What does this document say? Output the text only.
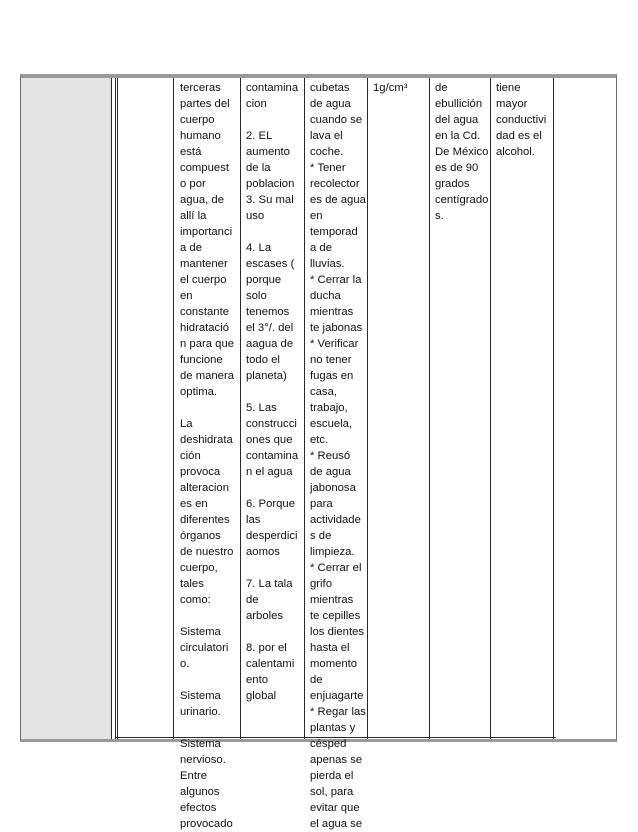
terceras
partes del
cuerpo
humano
está
compuest
o por
agua, de
allí la
importanci
a de
mantener
el cuerpo
en
constante
hidratació
n para que
funcione
de manera
optima.

La
deshidrata
ción
provoca
alteracion
es en
diferentes
órganos
de nuestro
cuerpo,
tales
como:

Sistema
circulatori
o.

Sistema
urinario.

Sistema
nervioso.
Entre
algunos
efectos
provocado
contamina
cion

2. EL
aumento
de la
poblacion
3. Su mal
uso

4. La
escases (
porque
solo
tenemos
el 3°/. del
aagua de
todo el
planeta)

5. Las
construcci
ones que
contamina
n el agua

6. Porque
las
desperdici
aomos

7. La tala
de
arboles

8. por el
calentami
ento
global
cubetas
de agua
cuando se
lava el
coche.
* Tener
recolector
es de agua
en
temporad
a de
lluvias.
* Cerrar la
ducha
mientras
te jabonas
* Verificar
no tener
fugas en
casa,
trabajo,
escuela,
etc.
* Reusó
de agua
jabonosa
para
actividade
s de
limpieza.
* Cerrar el
grifo
mientras
te cepilles
los dientes
hasta el
momento
de
enjuagarte
* Regar las
plantas y
césped
apenas se
pierda el
sol, para
evitar que
el agua se
1g/cm³	de
ebullición
del agua
en la Cd.
De México
es de 90
grados
centígrado
s.
tiene
mayor
conductivi
dad es el
alcohol.
